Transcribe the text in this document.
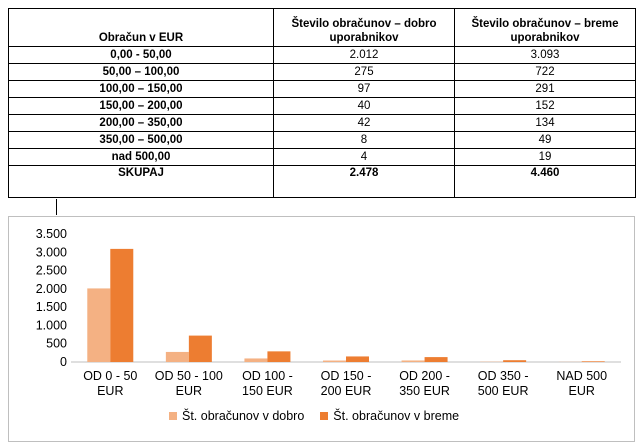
Obračun v EUR	Število obračunov – dobro uporabnikov	Število obračunov – breme uporabnikov
0,00 - 50,00	2.012	3.093
50,00 – 100,00	275	722
100,00 – 150,00	97	291
150,00 – 200,00	40	152
200,00 – 350,00	42	134
350,00 – 500,00	8	49
nad 500,00	4	19
SKUPAJ	2.478	4.460
0
500
1.000
1.500
2.000
2.500
3.000
3.500
OD 0 - 50
EUR
OD 50 - 100
EUR
OD 100 -
150 EUR
OD 150 -
200 EUR
OD 200 -
350 EUR
OD 350 -
500 EUR
NAD 500
EUR
Št. obračunov v dobro Št. obračunov v breme
